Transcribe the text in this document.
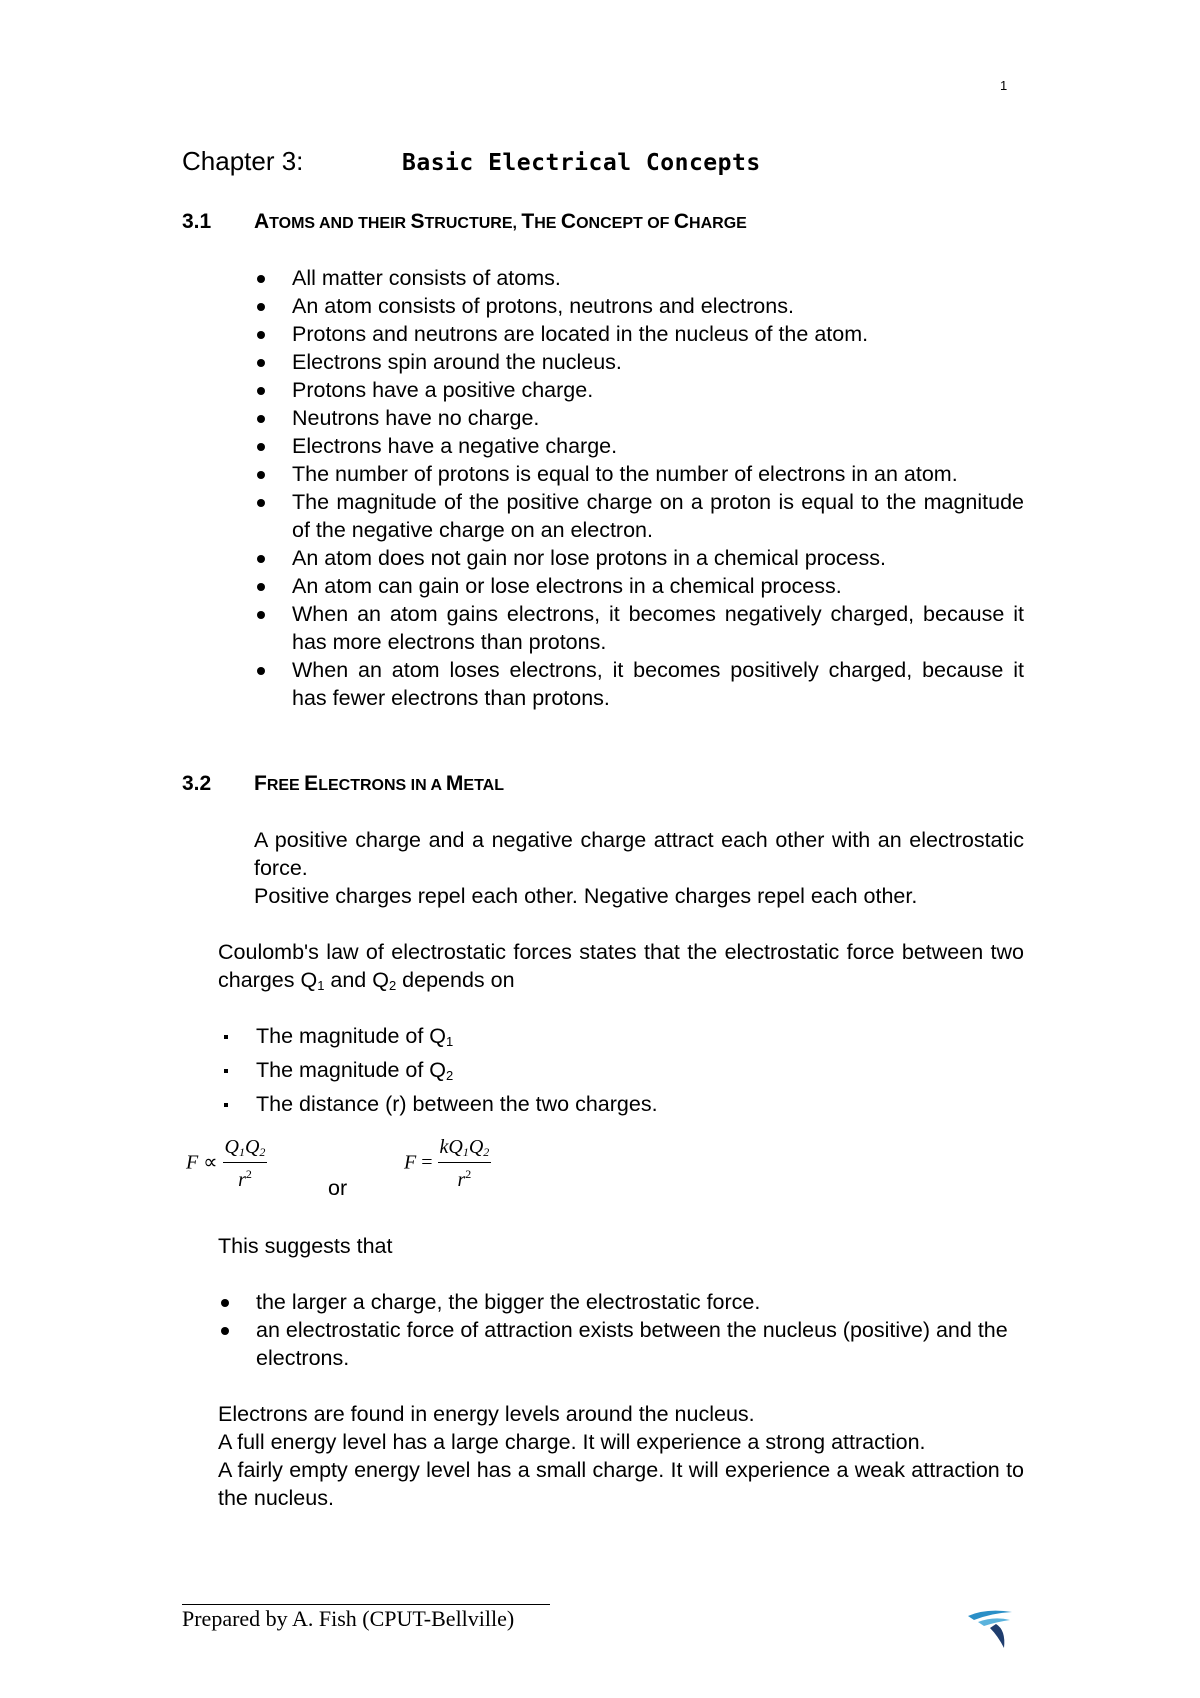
1
Chapter 3:	Basic Electrical Concepts
3.1 ATOMS AND THEIR STRUCTURE, THE CONCEPT OF CHARGE
All matter consists of atoms.
An atom consists of protons, neutrons and electrons.
Protons and neutrons are located in the nucleus of the atom.
Electrons spin around the nucleus.
Protons have a positive charge.
Neutrons have no charge.
Electrons have a negative charge.
The number of protons is equal to the number of electrons in an atom.
The magnitude of the positive charge on a proton is equal to the magnitude of the negative charge on an electron.
An atom does not gain nor lose protons in a chemical process.
An atom can gain or lose electrons in a chemical process.
When an atom gains electrons, it becomes negatively charged, because it has more electrons than protons.
When an atom loses electrons, it becomes positively charged, because it has fewer electrons than protons.
3.2 FREE ELECTRONS IN A METAL

A positive charge and a negative charge attract each other with an electrostatic force.

Positive charges repel each other. Negative charges repel each other.

Coulomb's law of electrostatic forces states that the electrostatic force between two charges $Q_1$ and $Q_2$ depends on

The magnitude of $Q_1$
The magnitude of $Q_2$
The distance (r) between the two charges.
$F \propto \frac{Q_1Q_2}{r^2}$	or
$F = \frac{kQ_1Q_2}{r^2}$

This suggests that

the larger a charge, the bigger the electrostatic force.
an electrostatic force of attraction exists between the nucleus (positive) and the electrons.
Electrons are found in energy levels around the nucleus.
A full energy level has a large charge. It will experience a strong attraction.
A fairly empty energy level has a small charge. It will experience a weak attraction to the nucleus.
Prepared by A. Fish (CPUT-Bellville)
